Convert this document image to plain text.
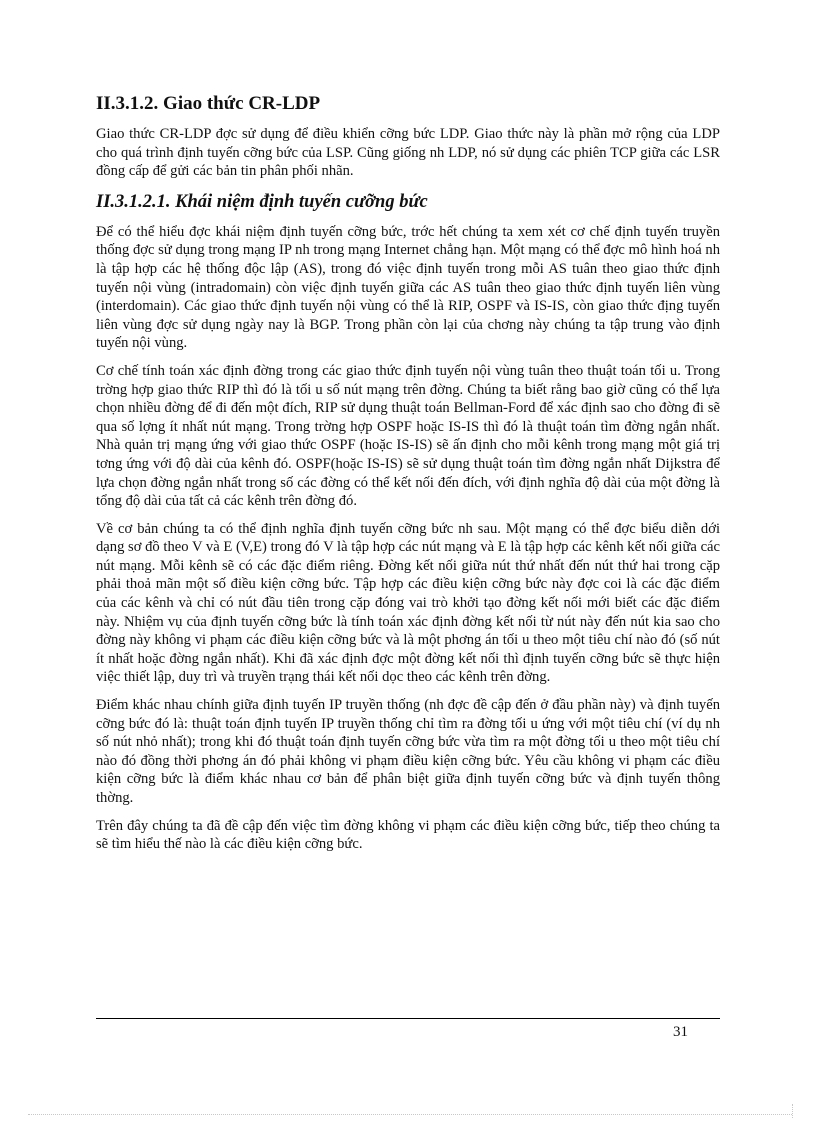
II.3.1.2. Giao thức CR-LDP

Giao thức CR-LDP đợc sử dụng để điều khiển cỡng bức LDP. Giao thức này là phần mở rộng của LDP cho quá trình định tuyến cỡng bức của LSP. Cũng giống nh LDP, nó sử dụng các phiên TCP giữa các LSR đồng cấp để gửi các bản tin phân phối nhãn.

II.3.1.2.1. Khái niệm định tuyến cưỡng bức

Để có thể hiểu đợc khái niệm định tuyến cỡng bức, trớc hết chúng ta xem xét cơ chế định tuyến truyền thống đợc sử dụng trong mạng IP nh trong mạng Internet chẳng hạn. Một mạng có thể đợc mô hình hoá nh là tập hợp các hệ thống độc lập (AS), trong đó việc định tuyến trong mỗi AS tuân theo giao thức định tuyến nội vùng (intradomain) còn việc định tuyến giữa các AS tuân theo giao thức định tuyến liên vùng (interdomain). Các giao thức định tuyến nội vùng có thể là RIP, OSPF và IS-IS, còn giao thức địng tuyến liên vùng đợc sử dụng ngày nay là BGP. Trong phần còn lại của chơng này chúng ta tập trung vào định tuyến nội vùng.

Cơ chế tính toán xác định đờng trong các giao thức định tuyến nội vùng tuân theo thuật toán tối u. Trong trờng hợp giao thức RIP thì đó là tối u số nút mạng trên đờng. Chúng ta biết rằng bao giờ cũng có thể lựa chọn nhiều đờng để đi đến một đích, RIP sử dụng thuật toán Bellman-Ford để xác định sao cho đờng đi sẽ qua số lợng ít nhất nút mạng. Trong trờng hợp OSPF hoặc IS-IS thì đó là thuật toán tìm đờng ngắn nhất. Nhà quản trị mạng ứng với giao thức OSPF (hoặc IS-IS) sẽ ấn định cho mỗi kênh trong mạng một giá trị tơng ứng với độ dài của kênh đó. OSPF(hoặc IS-IS) sẽ sử dụng thuật toán tìm đờng ngắn nhất Dijkstra để lựa chọn đờng ngắn nhất trong số các đờng có thể kết nối đến đích, với định nghĩa độ dài của một đờng là tổng độ dài của tất cả các kênh trên đờng đó.

Về cơ bản chúng ta có thể định nghĩa định tuyến cỡng bức nh sau. Một mạng có thể đợc biểu diễn dới dạng sơ đồ theo V và E (V,E) trong đó V là tập hợp các nút mạng và E là tập hợp các kênh kết nối giữa các nút mạng. Mỗi kênh sẽ có các đặc điểm riêng. Đờng kết nối giữa nút thứ nhất đến nút thứ hai trong cặp phải thoả mãn một số điều kiện cỡng bức. Tập hợp các điều kiện cỡng bức này đợc coi là các đặc điểm của các kênh và chỉ có nút đầu tiên trong cặp đóng vai trò khởi tạo đờng kết nối mới biết các đặc điểm này. Nhiệm vụ của định tuyến cỡng bức là tính toán xác định đờng kết nối từ nút này đến nút kia sao cho đờng này không vi phạm các điều kiện cỡng bức và là một phơng án tối u theo một tiêu chí nào đó (số nút ít nhất hoặc đờng ngắn nhất). Khi đã xác định đợc một đờng kết nối thì định tuyến cỡng bức sẽ thực hiện việc thiết lập, duy trì và truyền trạng thái kết nối dọc theo các kênh trên đờng.

Điểm khác nhau chính giữa định tuyến IP truyền thống (nh đợc đề cập đến ở đầu phần này) và định tuyến cỡng bức đó là: thuật toán định tuyến IP truyền thống chỉ tìm ra đờng tối u ứng với một tiêu chí (ví dụ nh số nút nhỏ nhất); trong khi đó thuật toán định tuyến cỡng bức vừa tìm ra một đờng tối u theo một tiêu chí nào đó đồng thời phơng án đó phải không vi phạm điều kiện cỡng bức. Yêu cầu không vi phạm các điều kiện cỡng bức là điểm khác nhau cơ bản để phân biệt giữa định tuyến cỡng bức và định tuyến thông thờng.

Trên đây chúng ta đã đề cập đến việc tìm đờng không vi phạm các điều kiện cỡng bức, tiếp theo chúng ta sẽ tìm hiểu thế nào là các điều kiện cỡng bức.

31
